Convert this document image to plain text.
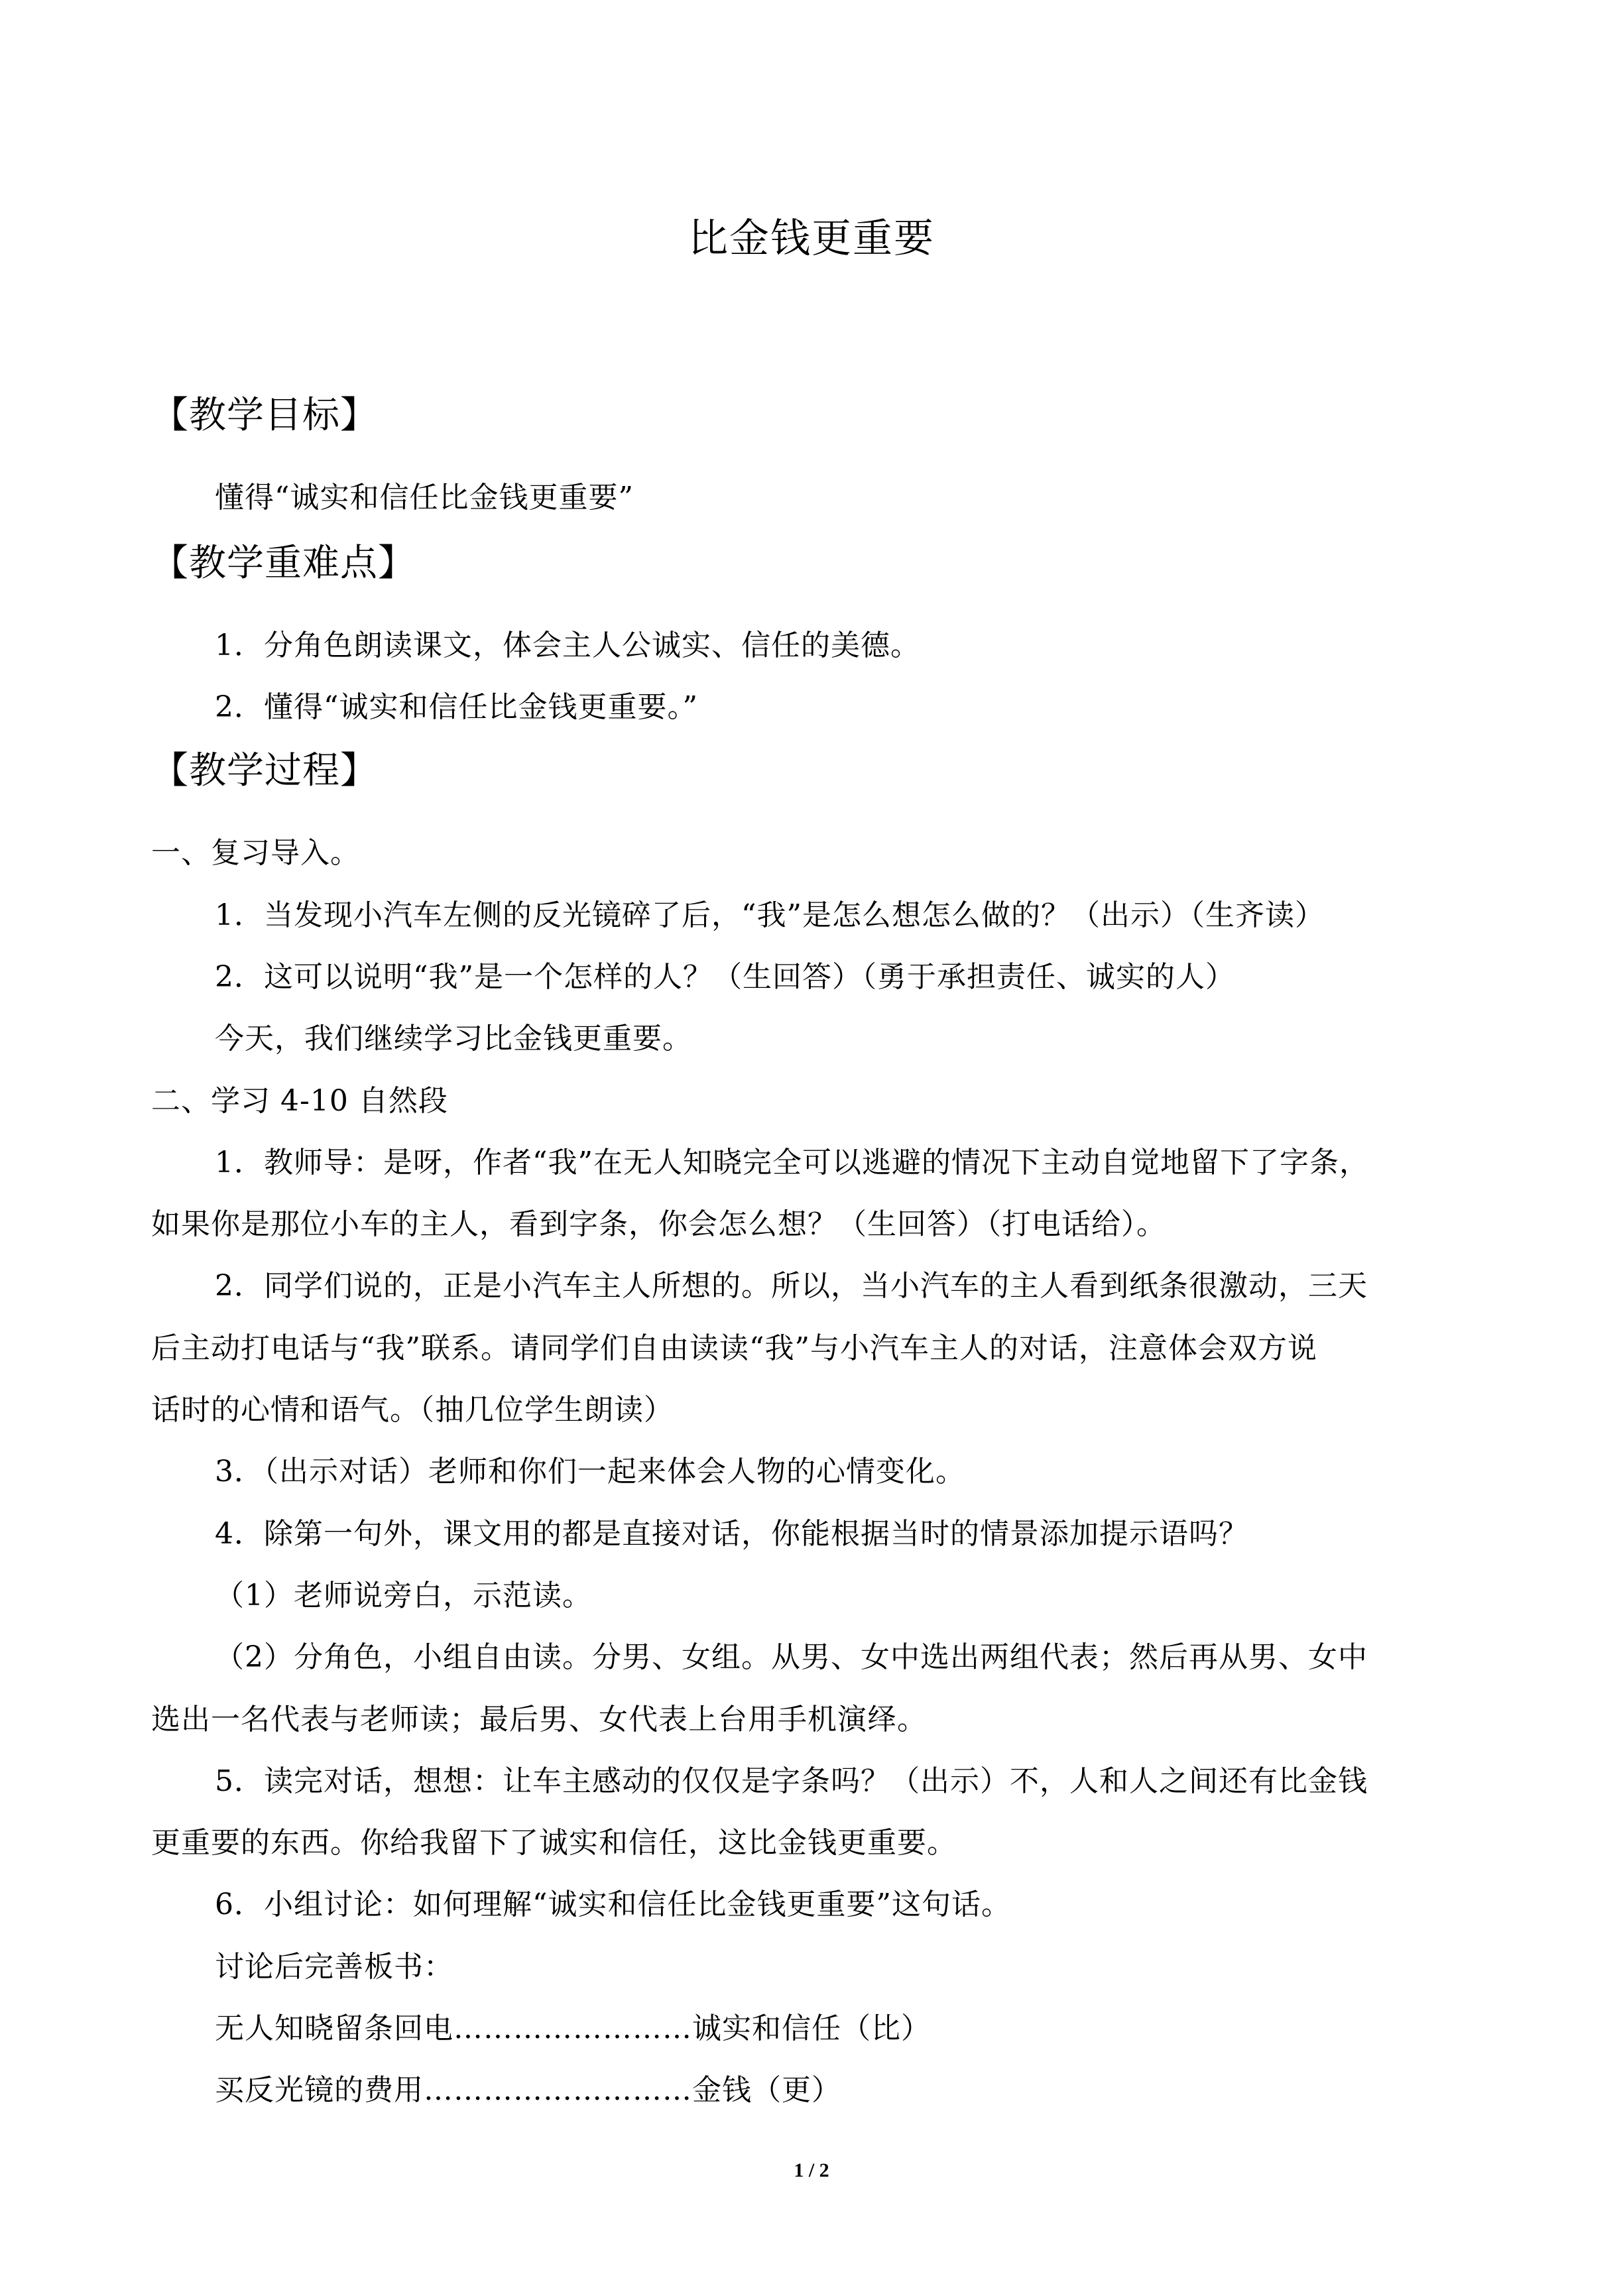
比金钱更重要
【教学目标】
懂得“诚实和信任比金钱更重要”
【教学重难点】
1．分角色朗读课文，体会主人公诚实、信任的美德。
2．懂得“诚实和信任比金钱更重要。”
【教学过程】
一、复习导入。
1．当发现小汽车左侧的反光镜碎了后，“我”是怎么想怎么做的？（出示）（生齐读）
2．这可以说明“我”是一个怎样的人？（生回答）（勇于承担责任、诚实的人）
今天，我们继续学习比金钱更重要。
二、学习 4-10 自然段
1．教师导：是呀，作者“我”在无人知晓完全可以逃避的情况下主动自觉地留下了字条，
如果你是那位小车的主人，看到字条，你会怎么想？（生回答）（打电话给）。
2．同学们说的，正是小汽车主人所想的。所以，当小汽车的主人看到纸条很激动，三天
后主动打电话与“我”联系。请同学们自由读读“我”与小汽车主人的对话，注意体会双方说
话时的心情和语气。（抽几位学生朗读）
3．（出示对话）老师和你们一起来体会人物的心情变化。
4．除第一句外，课文用的都是直接对话，你能根据当时的情景添加提示语吗？
（1）老师说旁白，示范读。
（2）分角色，小组自由读。分男、女组。从男、女中选出两组代表；然后再从男、女中
选出一名代表与老师读；最后男、女代表上台用手机演绎。
5．读完对话，想想：让车主感动的仅仅是字条吗？（出示）不，人和人之间还有比金钱
更重要的东西。你给我留下了诚实和信任，这比金钱更重要。
6．小组讨论：如何理解“诚实和信任比金钱更重要”这句话。
讨论后完善板书：
无人知晓留条回电……………………诚实和信任（比）
买反光镜的费用………………………金钱（更）
1 / 2
